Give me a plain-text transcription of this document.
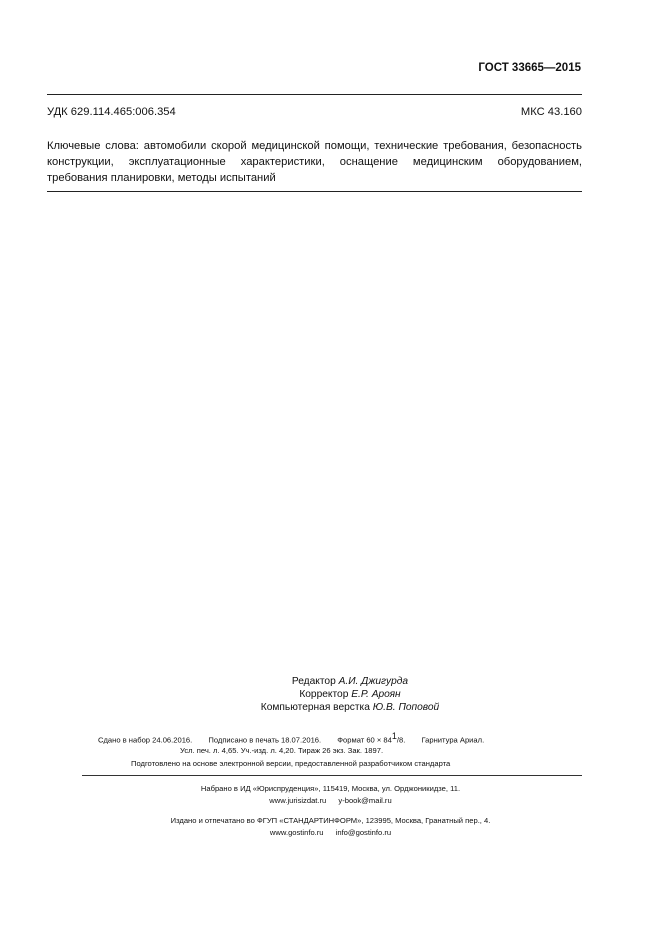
ГОСТ 33665—2015
УДК 629.114.465:006.354	МКС 43.160
Ключевые слова: автомобили скорой медицинской помощи, технические требования, безопасность конструкции, эксплуатационные характеристики, оснащение медицинским оборудованием, требования планировки, методы испытаний
Редактор А.И. Джигурда
Корректор Е.Р. Ароян
Компьютерная верстка Ю.В. Поповой
Сдано в набор 24.06.2016. Подписано в печать 18.07.2016. Формат $60 \times 84^1/8$. Гарнитура Ариал.
Усл. печ. л. 4,65. Уч.-изд. л. 4,20. Тираж 26 экз. Зак. 1897.
Подготовлено на основе электронной версии, предоставленной разработчиком стандарта
Набрано в ИД «Юриспруденция», 115419, Москва, ул. Орджоникидзе, 11.
www.jurisizdat.ru y-book@mail.ru
Издано и отпечатано во ФГУП «СТАНДАРТИНФОРМ», 123995, Москва, Гранатный пер., 4.
www.gostinfo.ru info@gostinfo.ru
